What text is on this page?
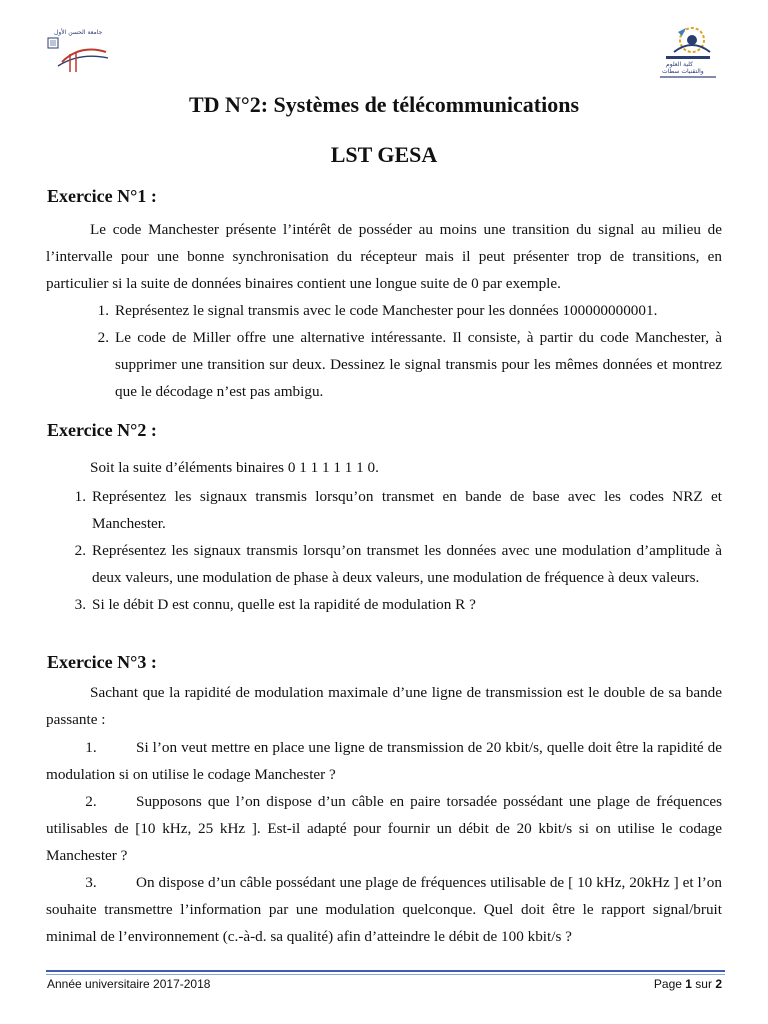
جامعة الحسن الأول
كلية العلوم
والتقنيات سطات
TD N°2: Systèmes de télécommunications
LST GESA
Exercice N°1 :
Le code Manchester présente l’intérêt de posséder au moins une transition du signal au milieu de l’intervalle pour une bonne synchronisation du récepteur mais il peut présenter trop de transitions, en particulier si la suite de données binaires contient une longue suite de 0 par exemple.
1. Représentez le signal transmis avec le code Manchester pour les données 100000000001.
2. Le code de Miller offre une alternative intéressante. Il consiste, à partir du code Manchester, à supprimer une transition sur deux. Dessinez le signal transmis pour les mêmes données et montrez que le décodage n’est pas ambigu.
Exercice N°2 :
Soit la suite d’éléments binaires 0 1 1 1 1 1 1 0.
1. Représentez les signaux transmis lorsqu’on transmet en bande de base avec les codes NRZ et Manchester.
2. Représentez les signaux transmis lorsqu’on transmet les données avec une modulation d’amplitude à deux valeurs, une modulation de phase à deux valeurs, une modulation de fréquence à deux valeurs.
3. Si le débit D est connu, quelle est la rapidité de modulation R ?
Exercice N°3 :
Sachant que la rapidité de modulation maximale d’une ligne de transmission est le double de sa bande passante :
1.	Si l’on veut mettre en place une ligne de transmission de 20 kbit/s, quelle doit être la rapidité de modulation si on utilise le codage Manchester ?
2.	Supposons que l’on dispose d’un câble en paire torsadée possédant une plage de fréquences utilisables de [10 kHz, 25 kHz ]. Est-il adapté pour fournir un débit de 20 kbit/s si on utilise le codage Manchester ?
3.	On dispose d’un câble possédant une plage de fréquences utilisable de [ 10 kHz, 20kHz ] et l’on souhaite transmettre l’information par une modulation quelconque. Quel doit être le rapport signal/bruit minimal de l’environnement (c.-à-d. sa qualité) afin d’atteindre le débit de 100 kbit/s ?
Année universitaire 2017-2018	Page 1 sur 2
